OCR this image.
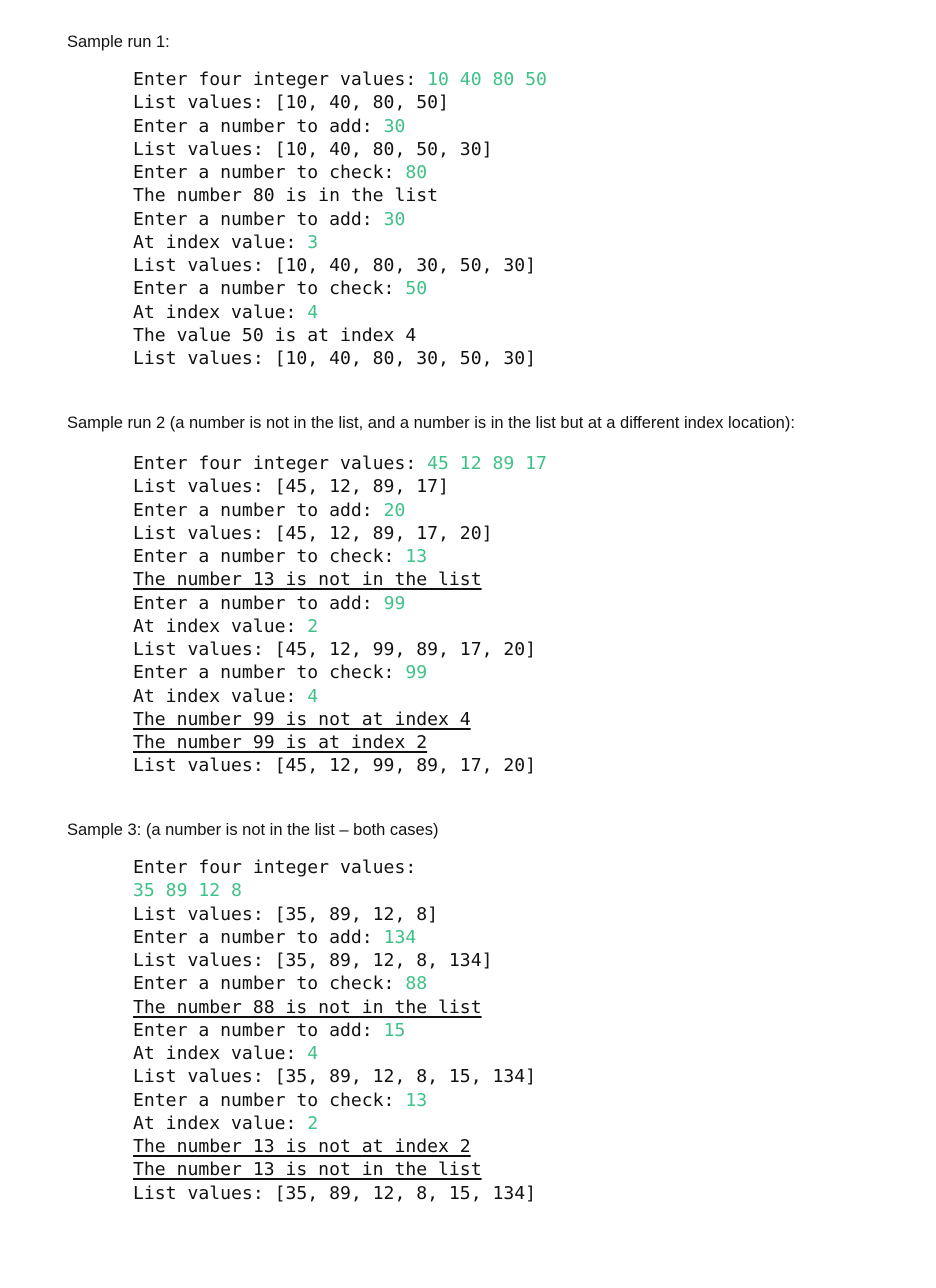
Sample run 1:
Enter four integer values: 10 40 80 50
List values: [10, 40, 80, 50]
Enter a number to add: 30
List values: [10, 40, 80, 50, 30]
Enter a number to check: 80
The number 80 is in the list
Enter a number to add: 30
At index value: 3
List values: [10, 40, 80, 30, 50, 30]
Enter a number to check: 50
At index value: 4
The value 50 is at index 4
List values: [10, 40, 80, 30, 50, 30]
Sample run 2 (a number is not in the list, and a number is in the list but at a different index location):
Enter four integer values: 45 12 89 17
List values: [45, 12, 89, 17]
Enter a number to add: 20
List values: [45, 12, 89, 17, 20]
Enter a number to check: 13
The number 13 is not in the list
Enter a number to add: 99
At index value: 2
List values: [45, 12, 99, 89, 17, 20]
Enter a number to check: 99
At index value: 4
The number 99 is not at index 4
The number 99 is at index 2
List values: [45, 12, 99, 89, 17, 20]
Sample 3: (a number is not in the list – both cases)
Enter four integer values:
35 89 12 8
List values: [35, 89, 12, 8]
Enter a number to add: 134
List values: [35, 89, 12, 8, 134]
Enter a number to check: 88
The number 88 is not in the list
Enter a number to add: 15
At index value: 4
List values: [35, 89, 12, 8, 15, 134]
Enter a number to check: 13
At index value: 2
The number 13 is not at index 2
The number 13 is not in the list
List values: [35, 89, 12, 8, 15, 134]
